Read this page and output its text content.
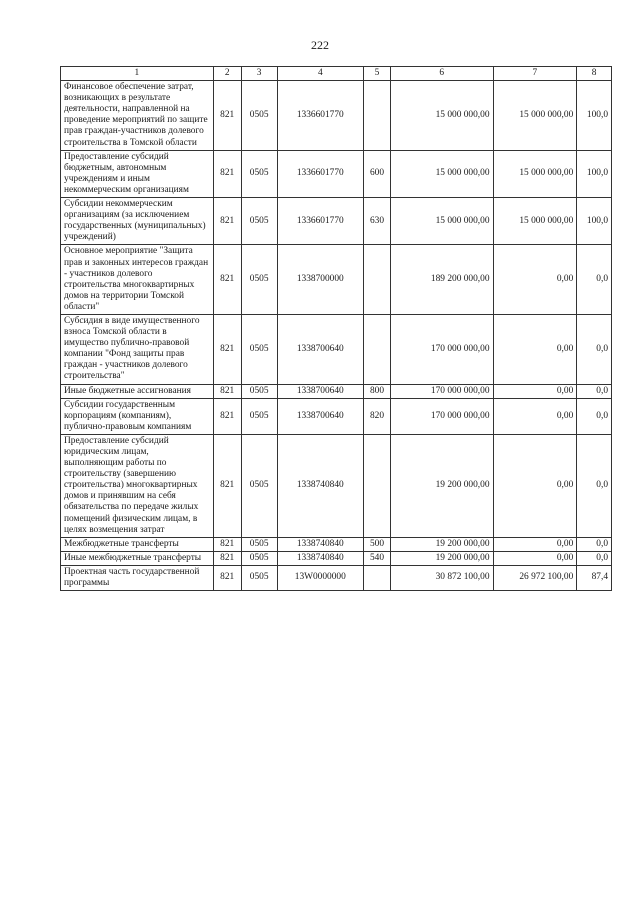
222
1	2	3	4	5	6	7	8
Финансовое обеспечение затрат, возникающих в результате деятельности, направленной на проведение мероприятий по защите прав граждан-участников долевого строительства в Томской области	821	0505	1336601770		15 000 000,00	15 000 000,00	100,0
Предоставление субсидий бюджетным, автономным учреждениям и иным некоммерческим организациям	821	0505	1336601770	600	15 000 000,00	15 000 000,00	100,0
Субсидии некоммерческим организациям (за исключением государственных (муниципальных) учреждений)	821	0505	1336601770	630	15 000 000,00	15 000 000,00	100,0
Основное мероприятие "Защита прав и законных интересов граждан - участников долевого строительства многоквартирных домов на территории Томской области"	821	0505	1338700000		189 200 000,00	0,00	0,0
Субсидия в виде имущественного взноса Томской области в имущество публично-правовой компании "Фонд защиты прав граждан - участников долевого строительства"	821	0505	1338700640		170 000 000,00	0,00	0,0
Иные бюджетные ассигнования	821	0505	1338700640	800	170 000 000,00	0,00	0,0
Субсидии государственным корпорациям (компаниям), публично-правовым компаниям	821	0505	1338700640	820	170 000 000,00	0,00	0,0
Предоставление субсидий юридическим лицам, выполняющим работы по строительству (завершению строительства) многоквартирных домов и принявшим на себя обязательства по передаче жилых помещений физическим лицам, в целях возмещения затрат	821	0505	1338740840		19 200 000,00	0,00	0,0
Межбюджетные трансферты	821	0505	1338740840	500	19 200 000,00	0,00	0,0
Иные межбюджетные трансферты	821	0505	1338740840	540	19 200 000,00	0,00	0,0
Проектная часть государственной программы	821	0505	13W0000000		30 872 100,00	26 972 100,00	87,4
